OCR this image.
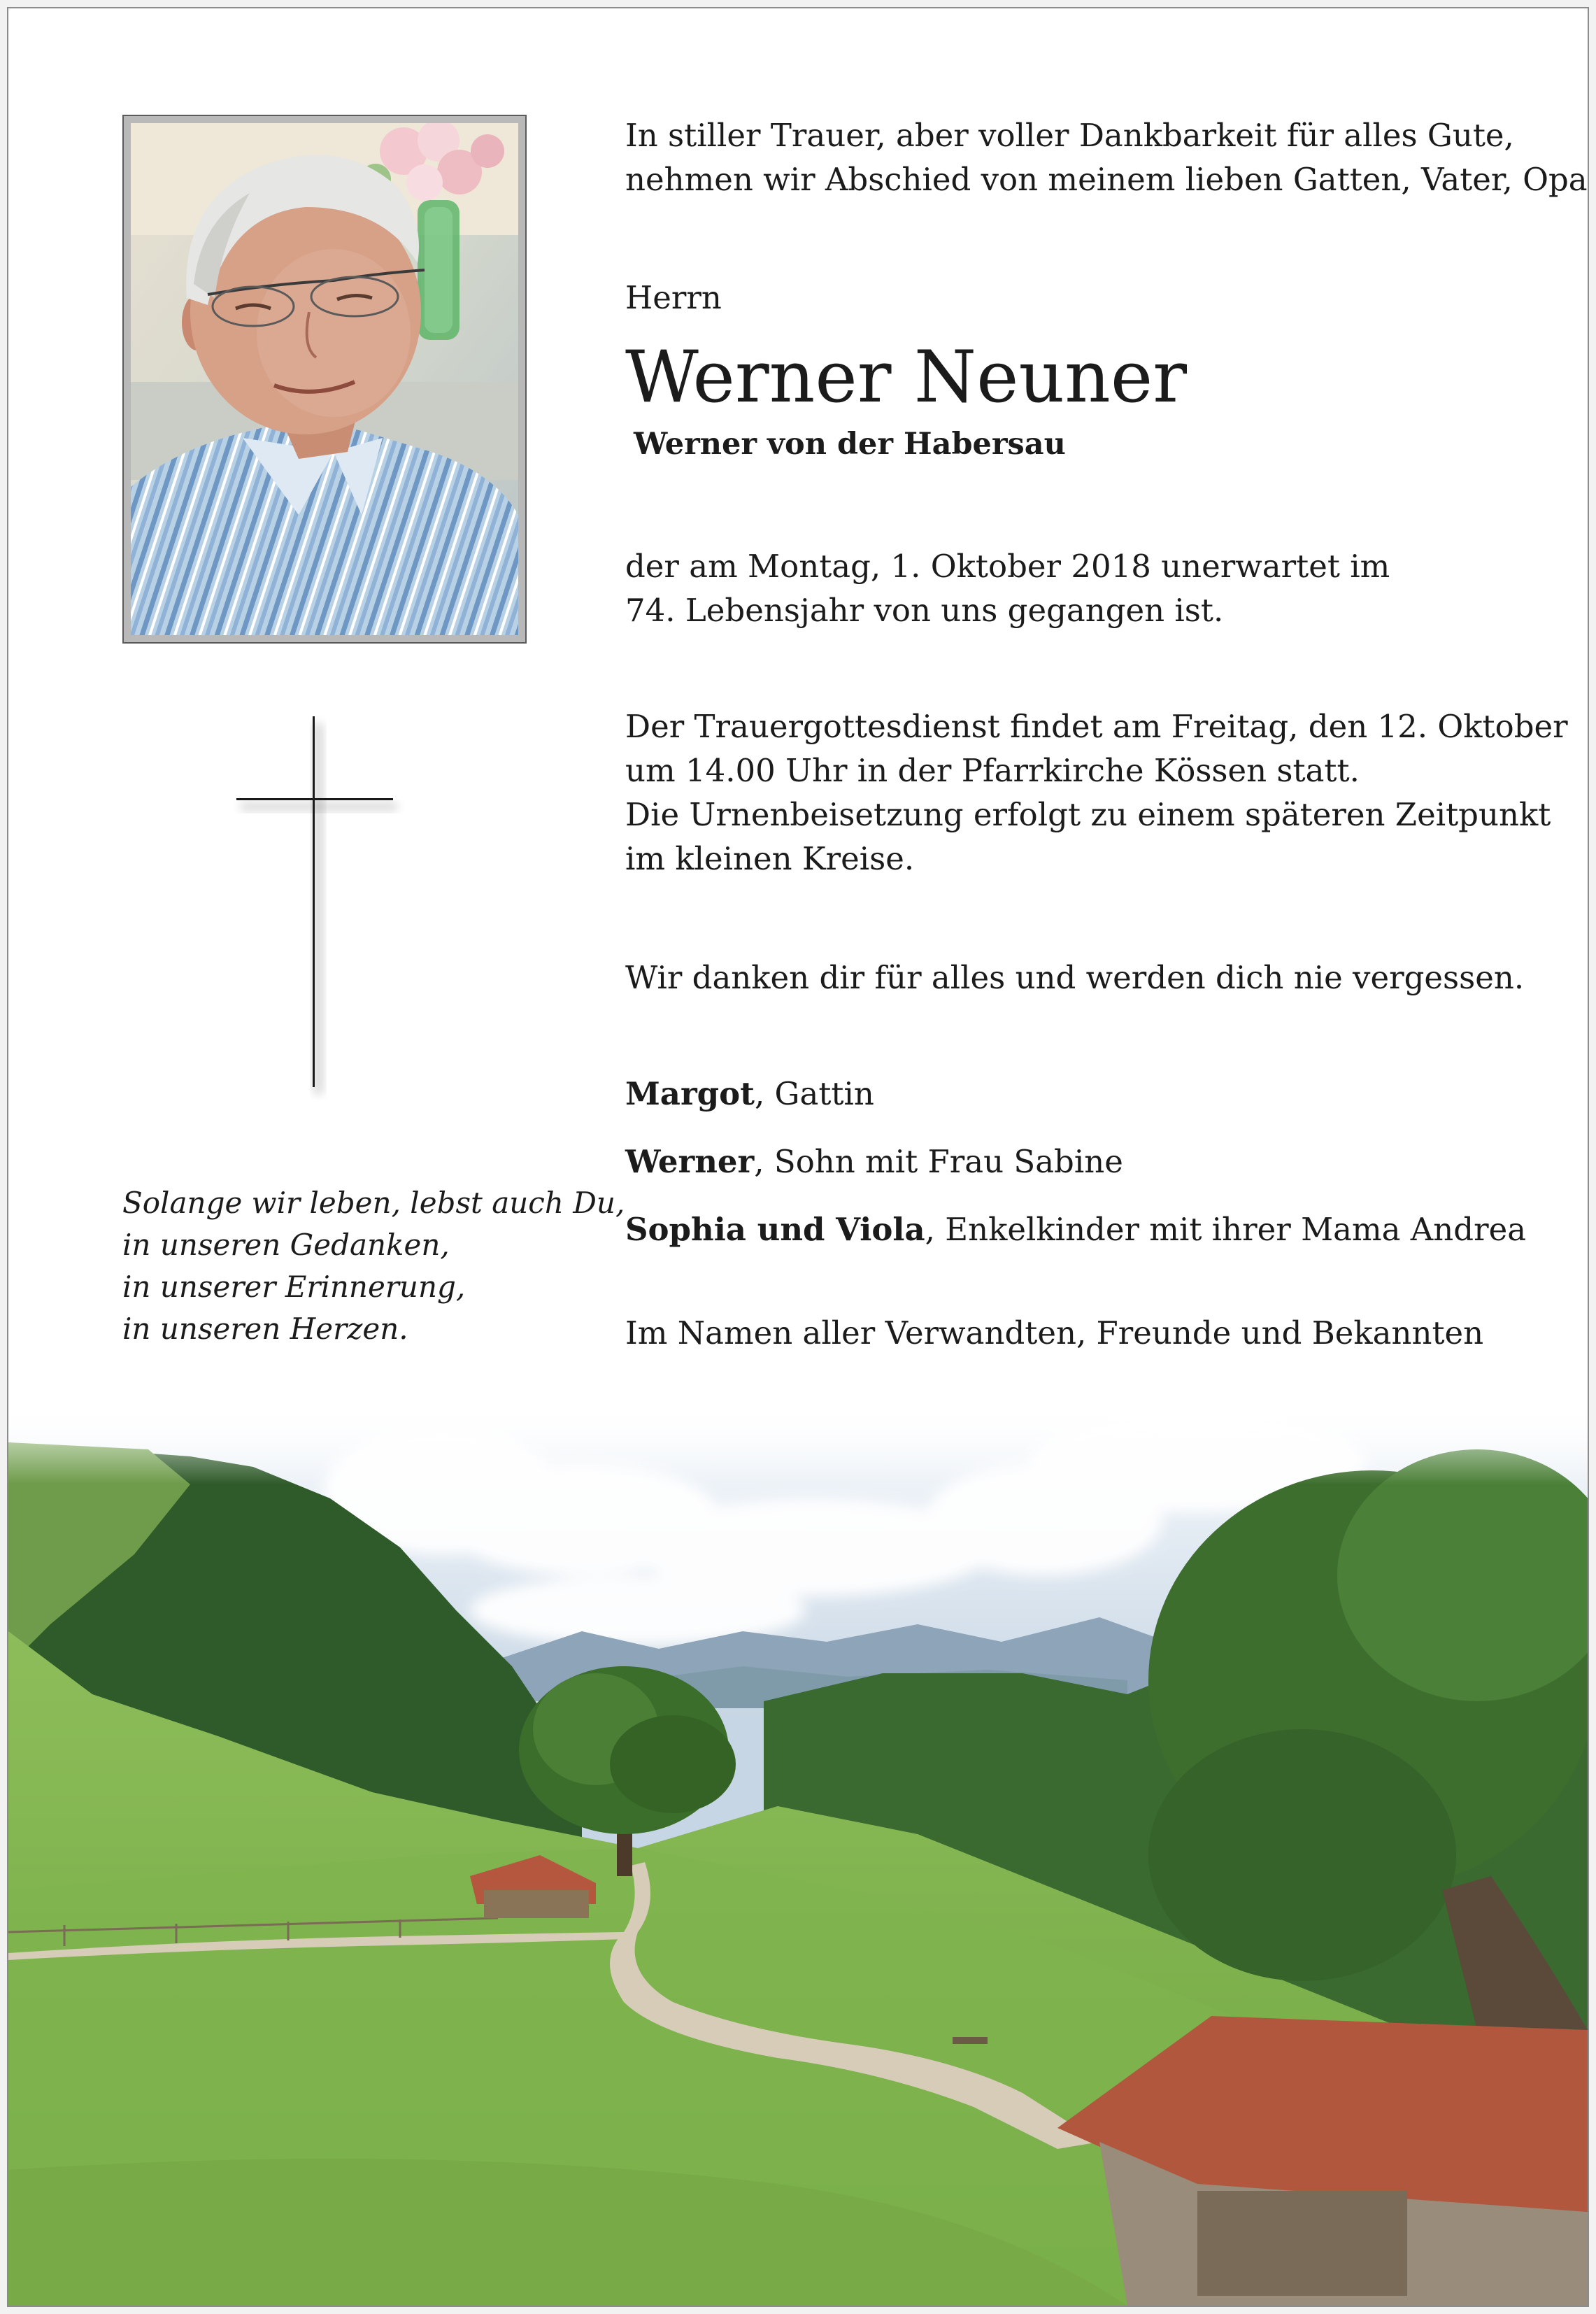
Solange wir leben, lebst auch Du,
in unseren Gedanken,
in unserer Erinnerung,
in unseren Herzen.
In stiller Trauer, aber voller Dankbarkeit für alles Gute,
nehmen wir Abschied von meinem lieben Gatten, Vater, Opa
Herrn
Werner Neuner
Werner von der Habersau
der am Montag, 1. Oktober 2018 unerwartet im
74. Lebensjahr von uns gegangen ist.
Der Trauergottesdienst findet am Freitag, den 12. Oktober
um 14.00 Uhr in der Pfarrkirche Kössen statt.
Die Urnenbeisetzung erfolgt zu einem späteren Zeitpunkt
im kleinen Kreise.
Wir danken dir für alles und werden dich nie vergessen.
Margot, Gattin
Werner, Sohn mit Frau Sabine
Sophia und Viola, Enkelkinder mit ihrer Mama Andrea
Im Namen aller Verwandten, Freunde und Bekannten
